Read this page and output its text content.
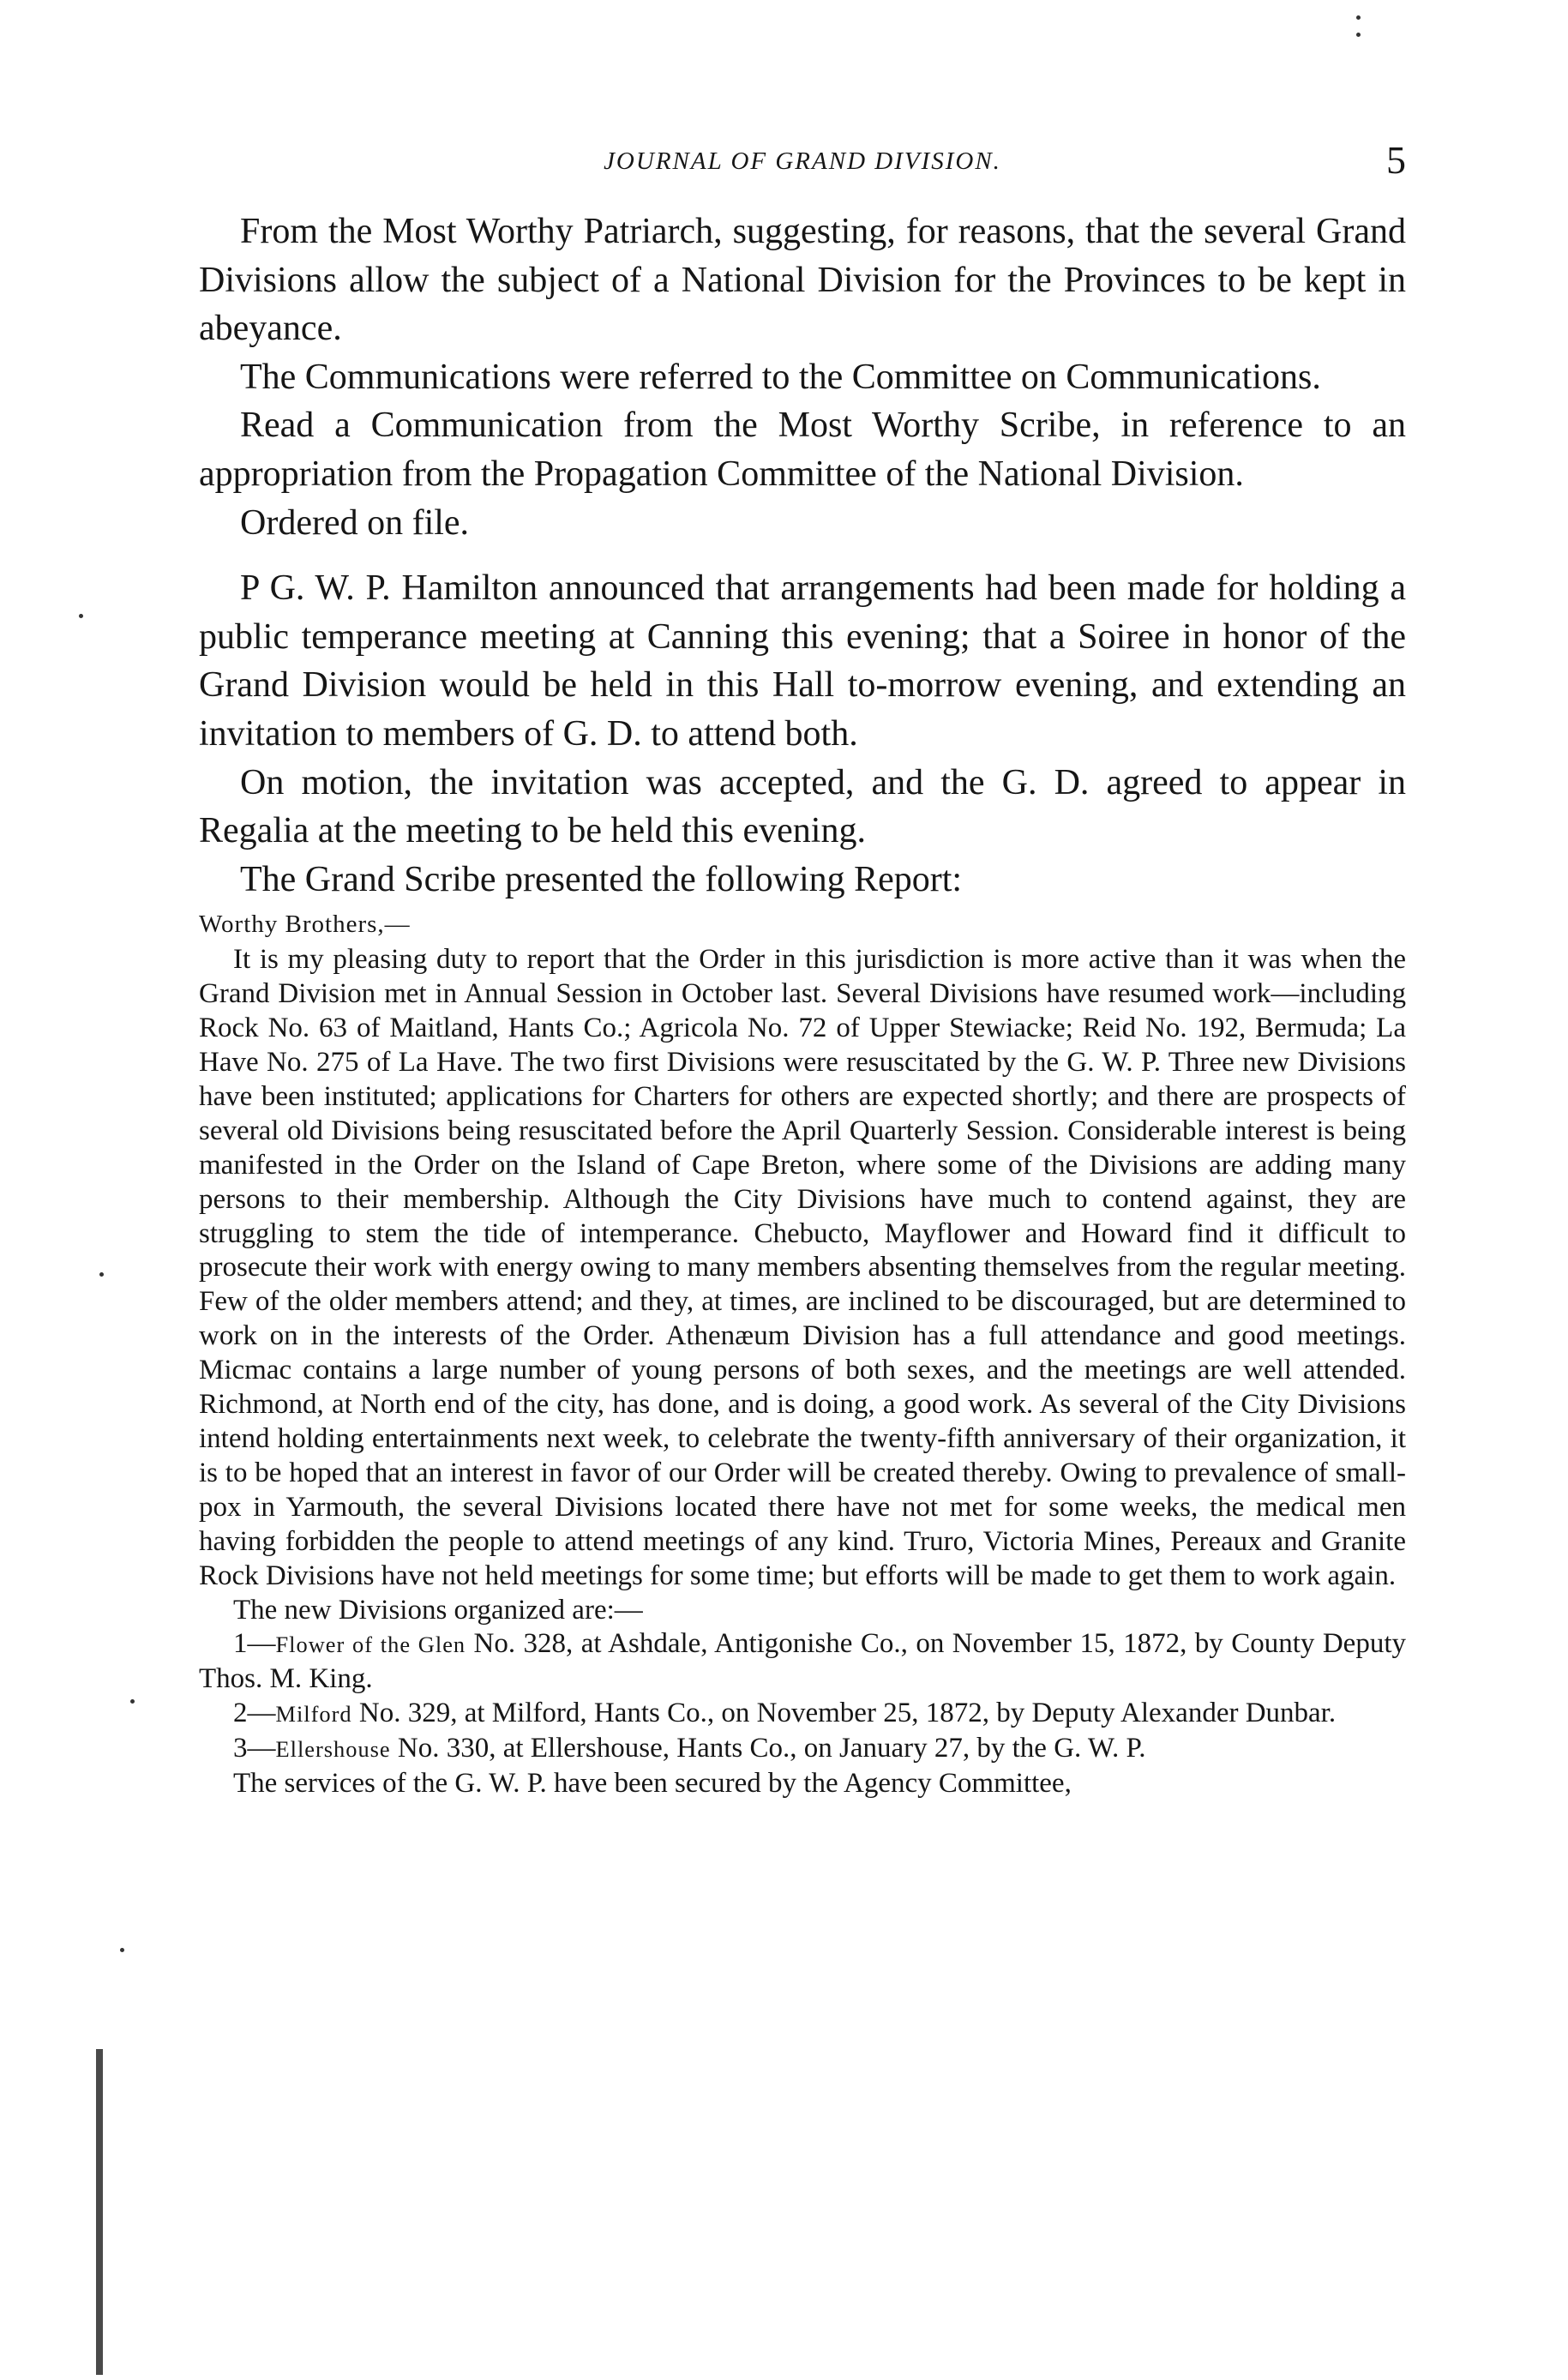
JOURNAL OF GRAND DIVISION.	5

From the Most Worthy Patriarch, suggesting, for reasons, that the several Grand Divisions allow the subject of a National Division for the Provinces to be kept in abeyance.

The Communications were referred to the Committee on Communications.

Read a Communication from the Most Worthy Scribe, in reference to an appropriation from the Propagation Committee of the National Division.

Ordered on file.

P G. W. P. Hamilton announced that arrangements had been made for holding a public temperance meeting at Canning this evening; that a Soiree in honor of the Grand Division would be held in this Hall to-morrow evening, and extending an invitation to members of G. D. to attend both.

On motion, the invitation was accepted, and the G. D. agreed to appear in Regalia at the meeting to be held this evening.

The Grand Scribe presented the following Report:

Worthy Brothers,—

It is my pleasing duty to report that the Order in this jurisdiction is more active than it was when the Grand Division met in Annual Session in October last. Several Divisions have resumed work—including Rock No. 63 of Maitland, Hants Co.; Agricola No. 72 of Upper Stewiacke; Reid No. 192, Bermuda; La Have No. 275 of La Have. The two first Divisions were resuscitated by the G. W. P. Three new Divisions have been instituted; applications for Charters for others are expected shortly; and there are prospects of several old Divisions being resuscitated before the April Quarterly Session. Considerable interest is being manifested in the Order on the Island of Cape Breton, where some of the Divisions are adding many persons to their membership. Although the City Divisions have much to contend against, they are struggling to stem the tide of intemperance. Chebucto, Mayflower and Howard find it difficult to prosecute their work with energy owing to many members absenting themselves from the regular meeting. Few of the older members attend; and they, at times, are inclined to be discouraged, but are determined to work on in the interests of the Order. Athenæum Division has a full attendance and good meetings. Micmac contains a large number of young persons of both sexes, and the meetings are well attended. Richmond, at North end of the city, has done, and is doing, a good work. As several of the City Divisions intend holding entertainments next week, to celebrate the twenty-fifth anniversary of their organization, it is to be hoped that an interest in favor of our Order will be created thereby. Owing to prevalence of small-pox in Yarmouth, the several Divisions located there have not met for some weeks, the medical men having forbidden the people to attend meetings of any kind. Truro, Victoria Mines, Pereaux and Granite Rock Divisions have not held meetings for some time; but efforts will be made to get them to work again.

The new Divisions organized are:—

1—Flower of the Glen No. 328, at Ashdale, Antigonishe Co., on November 15, 1872, by County Deputy Thos. M. King.

2—Milford No. 329, at Milford, Hants Co., on November 25, 1872, by Deputy Alexander Dunbar.

3—Ellershouse No. 330, at Ellershouse, Hants Co., on January 27, by the G. W. P.

The services of the G. W. P. have been secured by the Agency Committee,
